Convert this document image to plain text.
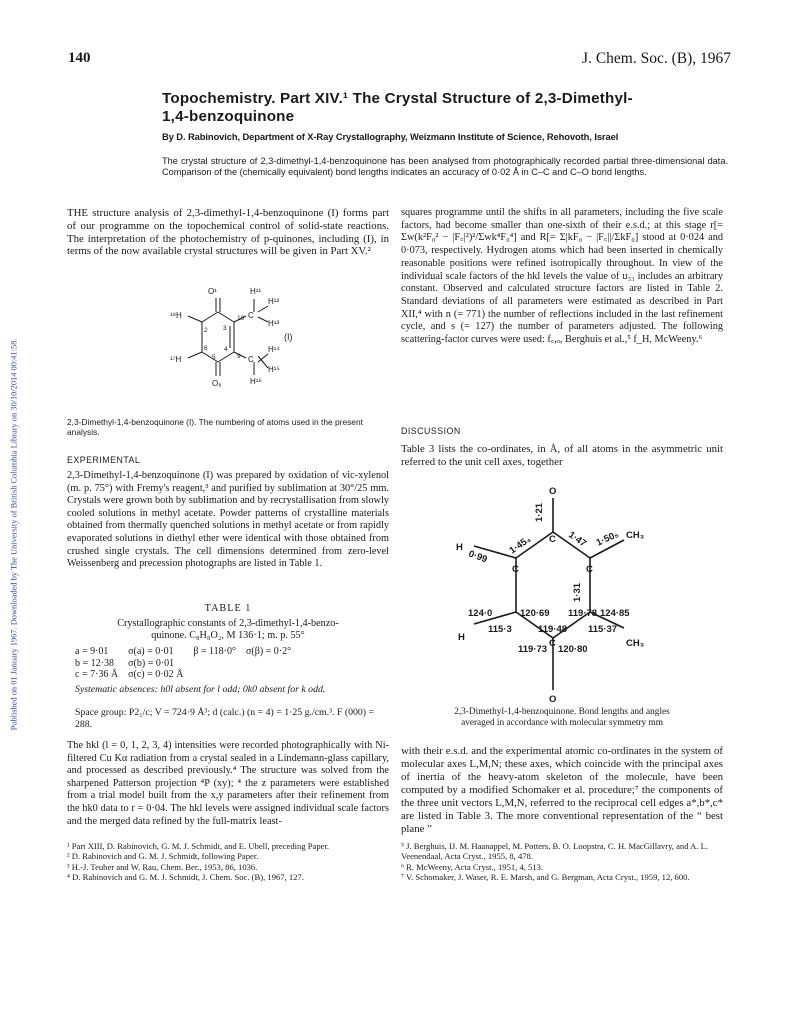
Published on 01 January 1967. Downloaded by The University of British Columbia Library on 30/10/2014 00:41:58.
140	J. Chem. Soc. (B), 1967
Topochemistry. Part XIV.¹ The Crystal Structure of 2,3-Dimethyl-
1,4-benzoquinone
By D. Rabinovich, Department of X-Ray Crystallography, Weizmann Institute of Science, Rehovoth, Israel
The crystal structure of 2,3-dimethyl-1,4-benzoquinone has been analysed from photographically recorded partial three-dimensional data. Comparison of the (chemically equivalent) bond lengths indicates an accuracy of 0·02 Å in C–C and C–O bond lengths.

THE structure analysis of 2,3-dimethyl-1,4-benzoquinone (I) forms part of our programme on the topochemical control of solid-state reactions. The interpretation of the photochemistry of p-quinones, including (I), in terms of the now available crystal structures will be given in Part XV.²

O¹	H¹¹
H¹²
¹⁸H
2
10 C
H¹³
3
¹⁷H
6
5
4
9 C
H¹⁴
H¹⁵
H¹⁶
O₈
(I)
2,3-Dimethyl-1,4-benzoquinone (I). The numbering of atoms used in the present analysis.
EXPERIMENTAL

2,3-Dimethyl-1,4-benzoquinone (I) was prepared by oxidation of vic-xylenol (m. p. 75°) with Fremy's reagent,³ and purified by sublimation at 30°/25 mm. Crystals were grown both by sublimation and by recrystallisation from slowly cooled solutions in methyl acetate. Powder patterns of crystalline materials obtained from thermally quenched solutions in methyl acetate or from rapidly evaporated solutions in diethyl ether were identical with those obtained from crushed single crystals. The cell dimensions determined from zero-level Weissenberg and precession photographs are listed in Table 1.

TABLE 1
Crystallographic constants of 2,3-dimethyl-1,4-benzo-
quinone. C₈H₈O₂, M 136·1; m. p. 55°
a = 9·01	σ(a) = 0·01	β = 118·0°	σ(β) = 0·2°
b = 12·38	σ(b) = 0·01		
c = 7·36 Å	σ(c) = 0·02 Å		
Systematic absences: h0l absent for l odd; 0k0 absent for k odd.
Space group: P2₁/c; V = 724·9 Å³; d (calc.) (n = 4) = 1·25 g./cm.³. F (000) = 288.

The hkl (l = 0, 1, 2, 3, 4) intensities were recorded photographically with Ni-filtered Cu Kα radiation from a crystal sealed in a Lindemann-glass capillary, and processed as described previously.⁴ The structure was solved from the sharpened Patterson projection ⁴P (xy); ⁴ the z parameters were established from a trial model built from the x,y parameters after their refinement from the hk0 data to r = 0·04. The hkl levels were assigned individual scale factors and the merged data refined by the full-matrix least-

squares programme until the shifts in all parameters, including the five scale factors, had become smaller than one-sixth of their e.s.d.; at this stage r[= Σw(k²F₀² − |F꜀|²)²/Σwk⁴F₀⁴] and R[= Σ|kF₀ − |F꜀||/ΣkF₀] stood at 0·024 and 0·073, respectively. Hydrogen atoms which had been inserted in chemically reasonable positions were refined isotropically throughout. In view of the individual scale factors of the hkl levels the value of u₃₃ includes an arbitrary constant. Observed and calculated structure factors are listed in Table 2. Standard deviations of all parameters were estimated as described in Part XII,⁴ with n (= 771) the number of reflections included in the last refinement cycle, and s (= 127) the number of parameters adjusted. The following scattering-factor curves were used: f꜀,ₒ, Berghuis et al.,⁵ f_H, McWeeny.⁶

DISCUSSION

Table 3 lists the co-ordinates, in Å, of all atoms in the asymmetric unit referred to the unit cell axes, together

O
1·21
C
1·45₄	1·47
H
0·99
1·50₅ CH₃
C	C
1·31
124·0	120·69 119·78 124·85
H
115·3	119·48 115·37
CH₃
119·73 120·80
C
O
2,3-Dimethyl-1,4-benzoquinone. Bond lengths and angles
averaged in accordance with molecular symmetry mm

with their e.s.d. and the experimental atomic co-ordinates in the system of molecular axes L,M,N; these axes, which coincide with the principal axes of inertia of the heavy-atom skeleton of the molecule, have been computed by a modified Schomaker et al. procedure;⁷ the components of the three unit vectors L,M,N, referred to the reciprocal cell edges a*,b*,c* are listed in Table 3. The more conventional representation of the “ best plane ”

¹ Part XIII, D. Rabinovich, G. M. J. Schmidt, and E. Ubell, preceding Paper.

² D. Rabinovich and G. M. J. Schmidt, following Paper.

³ H.-J. Teuber and W. Rau, Chem. Ber., 1953, 86, 1036.

⁴ D. Rabinovich and G. M. J. Schmidt, J. Chem. Soc. (B), 1967, 127.

⁵ J. Berghuis, IJ. M. Haanappel, M. Potters, B. O. Loopstra, C. H. MacGillavry, and A. L. Veenendaal, Acta Cryst., 1955, 8, 478.

⁶ R. McWeeny, Acta Cryst., 1951, 4, 513.

⁷ V. Schomaker, J. Waser, R. E. Marsh, and G. Bergman, Acta Cryst., 1959, 12, 600.
